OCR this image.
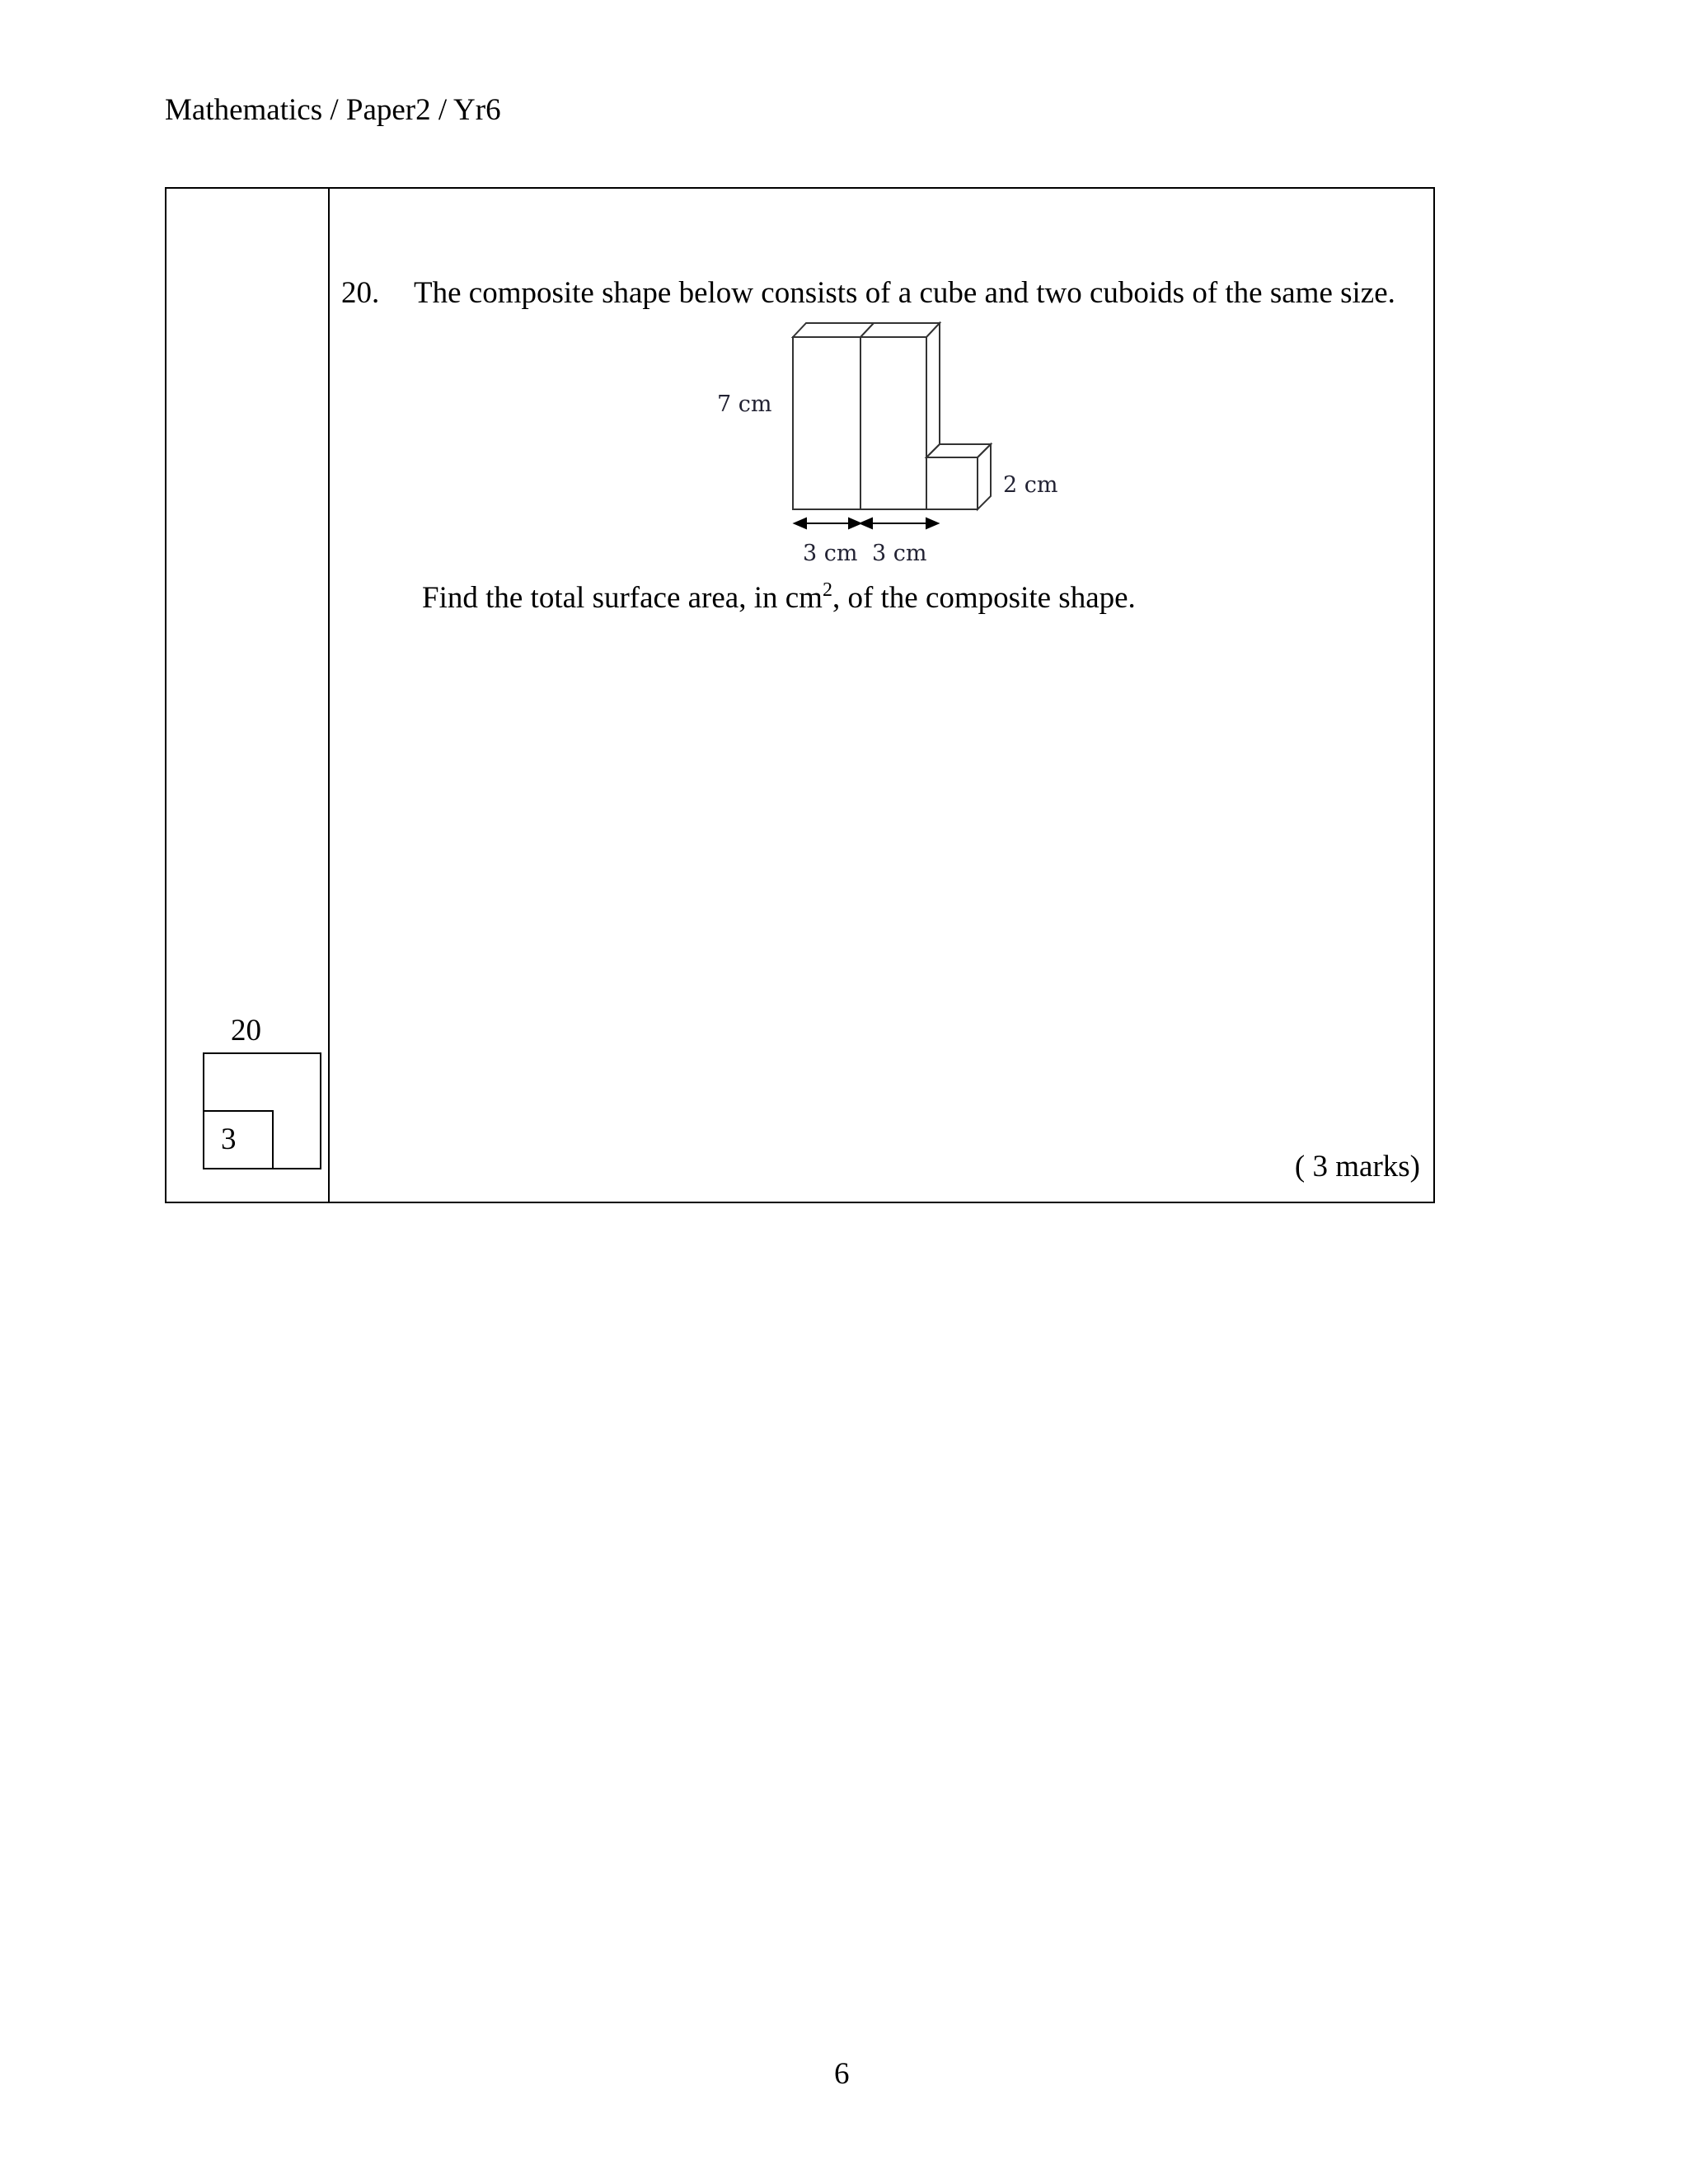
Mathematics / Paper2 / Yr6
20
3
20. The composite shape below consists of a cube and two cuboids of the same size.
7 cm
2 cm
3 cm 3 cm
Find the total surface area, in $cm^2$, of the composite shape.
( 3 marks)
6
